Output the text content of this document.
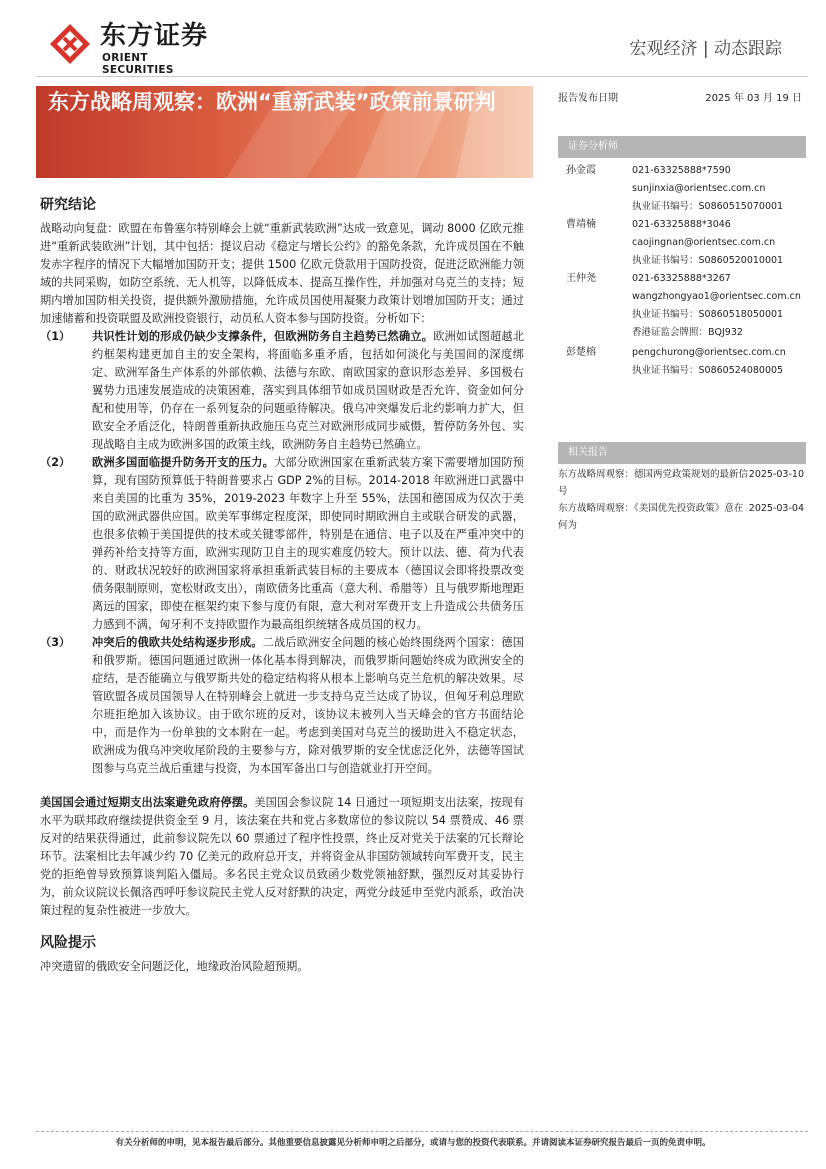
东方证券
ORIENT SECURITIES
宏观经济 | 动态跟踪
东方战略周观察：欧洲“重新武装”政策前景研判	报告发布日期	2025 年 03 月 19 日
证券分析师
孙金霞	021-63325888*7590
sunjinxia@orientsec.com.cn
执业证书编号：S0860515070001
曹靖楠	021-63325888*3046
caojingnan@orientsec.com.cn
执业证书编号：S0860520010001
王仲尧	021-63325888*3267
wangzhongyao1@orientsec.com.cn
执业证书编号：S0860518050001
香港证监会牌照：BQJ932
彭楚榕	pengchurong@orientsec.com.cn
执业证书编号：S0860524080005
相关报告
东方战略周观察：德国两党政策规划的最新信号
2025-03-10
东方战略周观察：《美国优先投资政策》意在何为
2025-03-04
研究结论

战略动向复盘：欧盟在布鲁塞尔特别峰会上就“重新武装欧洲”达成一致意见，调动 8000 亿欧元推进“重新武装欧洲”计划，其中包括：提议启动《稳定与增长公约》的豁免条款，允许成员国在不触发赤字程序的情况下大幅增加国防开支；提供 1500 亿欧元贷款用于国防投资，促进泛欧洲能力领域的共同采购，如防空系统、无人机等，以降低成本、提高互操作性，并加强对乌克兰的支持；短期内增加国防相关投资，提供额外激励措施，允许成员国使用凝聚力政策计划增加国防开支；通过加速储蓄和投资联盟及欧洲投资银行，动员私人资本参与国防投资。分析如下：

（1）	共识性计划的形成仍缺少支撑条件，但欧洲防务自主趋势已然确立。欧洲如试图超越北约框架构建更加自主的安全架构，将面临多重矛盾，包括如何淡化与美国间的深度绑定、欧洲军备生产体系的外部依赖、法德与东欧、南欧国家的意识形态差异、多国极右翼势力迅速发展造成的决策困难，落实到具体细节如成员国财政是否允许、资金如何分配和使用等，仍存在一系列复杂的问题亟待解决。俄乌冲突爆发后北约影响力扩大，但欧安全矛盾泛化，特朗普重新执政施压乌克兰对欧洲形成同步威慑，暂停防务外包、实现战略自主成为欧洲多国的政策主线，欧洲防务自主趋势已然确立。
（2）	欧洲多国面临提升防务开支的压力。大部分欧洲国家在重新武装方案下需要增加国防预算，现有国防预算低于特朗普要求占 GDP 2%的目标。2014-2018 年欧洲进口武器中来自美国的比重为 35%，2019-2023 年数字上升至 55%，法国和德国成为仅次于美国的欧洲武器供应国。欧美军事绑定程度深，即使同时期欧洲自主或联合研发的武器，也很多依赖于美国提供的技术或关键零部件，特别是在通信、电子以及在严重冲突中的弹药补给支持等方面，欧洲实现防卫自主的现实难度仍较大。预计以法、德、荷为代表的、财政状况较好的欧洲国家将承担重新武装目标的主要成本（德国议会即将投票改变债务限制原则，宽松财政支出），南欧债务比重高（意大利、希腊等）且与俄罗斯地理距离远的国家，即使在框架约束下参与度仍有限，意大利对军费开支上升造成公共债务压力感到不满，匈牙利不支持欧盟作为最高组织统辖各成员国的权力。
（3）	冲突后的俄欧共处结构逐步形成。二战后欧洲安全问题的核心始终围绕两个国家：德国和俄罗斯。德国问题通过欧洲一体化基本得到解决，而俄罗斯问题始终成为欧洲安全的症结，是否能确立与俄罗斯共处的稳定结构将从根本上影响乌克兰危机的解决效果。尽管欧盟各成员国领导人在特别峰会上就进一步支持乌克兰达成了协议，但匈牙利总理欧尔班拒绝加入该协议。由于欧尔班的反对，该协议未被列入当天峰会的官方书面结论中，而是作为一份单独的文本附在一起。考虑到美国对乌克兰的援助进入不稳定状态，欧洲成为俄乌冲突收尾阶段的主要参与方，除对俄罗斯的安全忧虑泛化外，法德等国试图参与乌克兰战后重建与投资，为本国军备出口与创造就业打开空间。

美国国会通过短期支出法案避免政府停摆。美国国会参议院 14 日通过一项短期支出法案，按现有水平为联邦政府继续提供资金至 9 月，该法案在共和党占多数席位的参议院以 54 票赞成、46 票反对的结果获得通过，此前参议院先以 60 票通过了程序性投票，终止反对党关于法案的冗长辩论环节。法案相比去年减少约 70 亿美元的政府总开支，并将资金从非国防领域转向军费开支，民主党的拒绝曾导致预算谈判陷入僵局。多名民主党众议员致函少数党领袖舒默，强烈反对其妥协行为，前众议院议长佩洛西呼吁参议院民主党人反对舒默的决定，两党分歧延申至党内派系，政治决策过程的复杂性被进一步放大。

风险提示

冲突遗留的俄欧安全问题泛化，地缘政治风险超预期。

有关分析师的申明，见本报告最后部分。其他重要信息披露见分析师申明之后部分，或请与您的投资代表联系。并请阅读本证券研究报告最后一页的免责申明。
